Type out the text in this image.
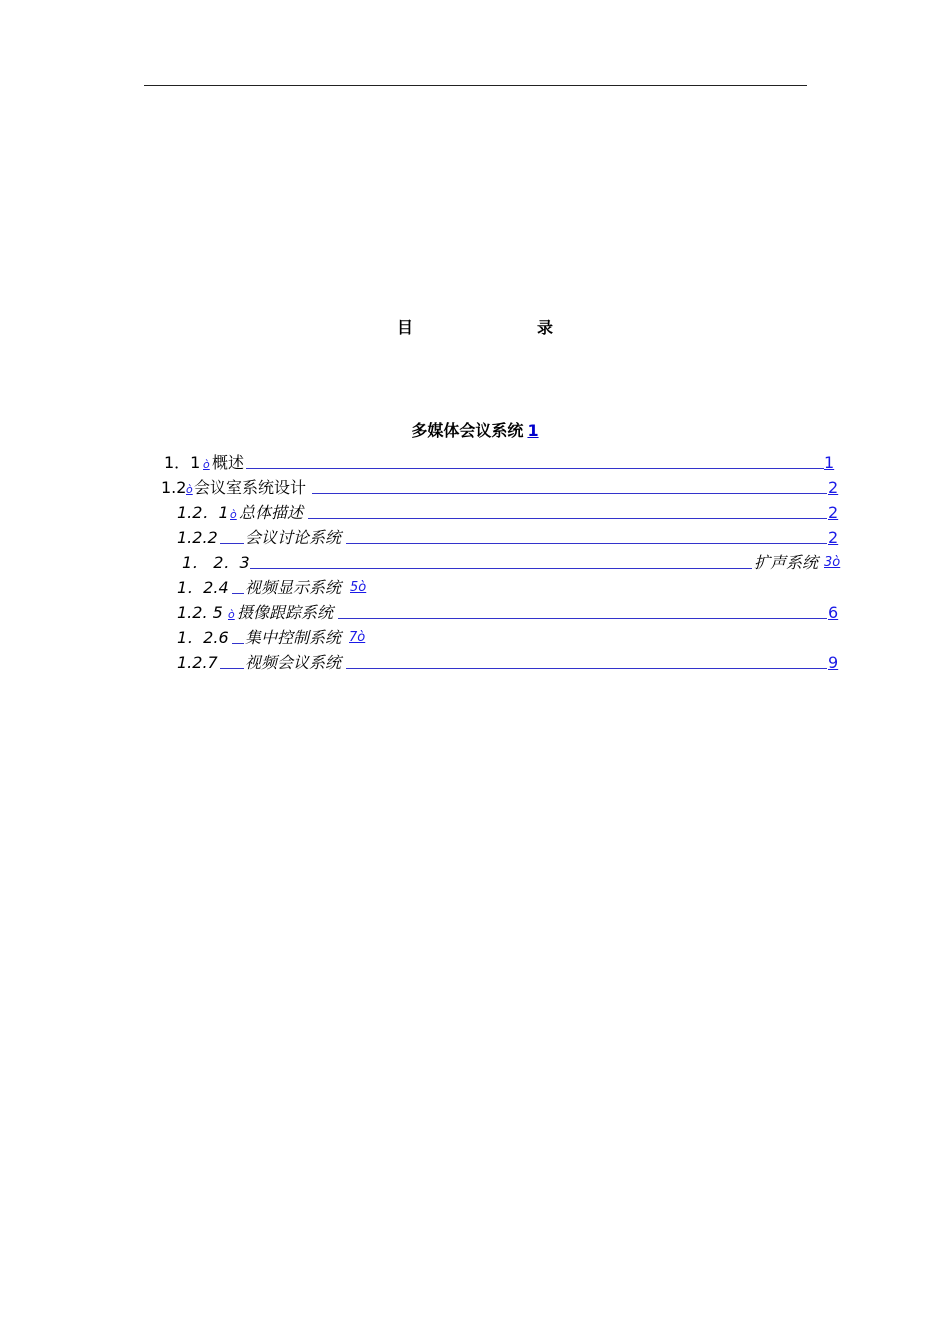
目　录
多媒体会议系统 1
1．1 ò 概述	1
1.2 ò 会议室系统设计	2
1.2．1 ò 总体描述	2
1.2.2 会议讨论系统	2
1． 2．3	扩声系统 3ò
1．2.4 视频显示系统 5ò
1.2. 5 ò 摄像跟踪系统	6
1．2.6 集中控制系统 7ò
1.2.7 视频会议系统	9
